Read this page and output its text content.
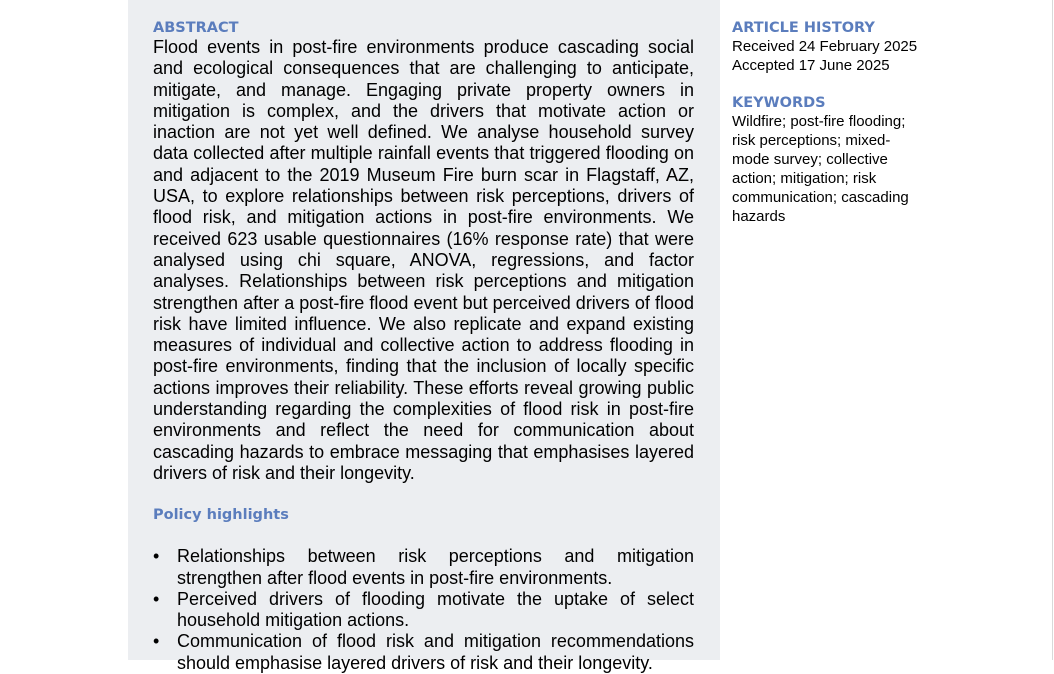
ABSTRACT

Flood events in post-fire environments produce cascading social and ecological consequences that are challenging to anticipate, mitigate, and manage. Engaging private property owners in mitigation is complex, and the drivers that motivate action or inaction are not yet well defined. We analyse household survey data collected after multiple rainfall events that triggered flooding on and adjacent to the 2019 Museum Fire burn scar in Flagstaff, AZ, USA, to explore relationships between risk perceptions, drivers of flood risk, and mitigation actions in post-fire environments. We received 623 usable questionnaires (16% response rate) that were analysed using chi square, ANOVA, regressions, and factor analyses. Relationships between risk perceptions and mitigation strengthen after a post-fire flood event but perceived drivers of flood risk have limited influence. We also replicate and expand existing measures of individual and collective action to address flooding in post-fire environments, finding that the inclusion of locally specific actions improves their reliability. These efforts reveal growing public understanding regarding the complexities of flood risk in post-fire environments and reflect the need for communication about cascading hazards to embrace messaging that emphasises layered drivers of risk and their longevity.

Policy highlights
• Relationships between risk perceptions and mitigation strengthen after flood events in post-fire environments.
• Perceived drivers of flooding motivate the uptake of select household mitigation actions.
• Communication of flood risk and mitigation recommendations should emphasise layered drivers of risk and their longevity.
ARTICLE HISTORY

Received 24 February 2025

Accepted 17 June 2025

KEYWORDS

Wildfire; post-fire flooding; risk perceptions; mixed-mode survey; collective action; mitigation; risk communication; cascading hazards
